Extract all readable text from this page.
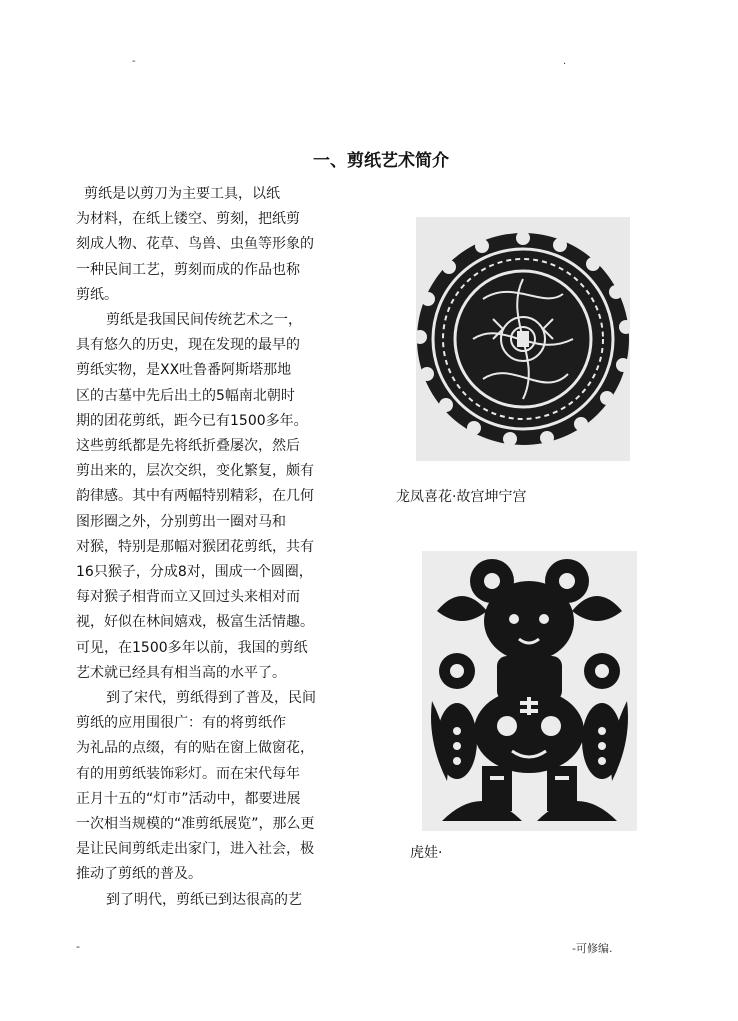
-	.
一、剪纸艺术简介
剪纸是以剪刀为主要工具，以纸
为材料，在纸上镂空、剪刻，把纸剪
刻成人物、花草、鸟兽、虫鱼等形象的
一种民间工艺，剪刻而成的作品也称
剪纸。
剪纸是我国民间传统艺术之一，
具有悠久的历史，现在发现的最早的
剪纸实物，是XX吐鲁番阿斯塔那地
区的古墓中先后出土的5幅南北朝时
期的团花剪纸，距今已有1500多年。
这些剪纸都是先将纸折叠屡次，然后
剪出来的，层次交织，变化繁复，颇有
韵律感。其中有两幅特别精彩，在几何
图形圈之外，分别剪出一圈对马和
对猴，特别是那幅对猴团花剪纸，共有
16只猴子，分成8对，围成一个圆圈，
每对猴子相背而立又回过头来相对而
视，好似在林间嬉戏，极富生活情趣。
可见，在1500多年以前，我国的剪纸
艺术就已经具有相当高的水平了。
到了宋代，剪纸得到了普及，民间
剪纸的应用围很广：有的将剪纸作
为礼品的点缀，有的贴在窗上做窗花，
有的用剪纸装饰彩灯。而在宋代每年
正月十五的“灯市”活动中，都要进展
一次相当规模的“准剪纸展览”，那么更
是让民间剪纸走出家门，进入社会，极
推动了剪纸的普及。
到了明代，剪纸已到达很高的艺
龙凤喜花·故宫坤宁宫
虎娃·
-	-可修编.
